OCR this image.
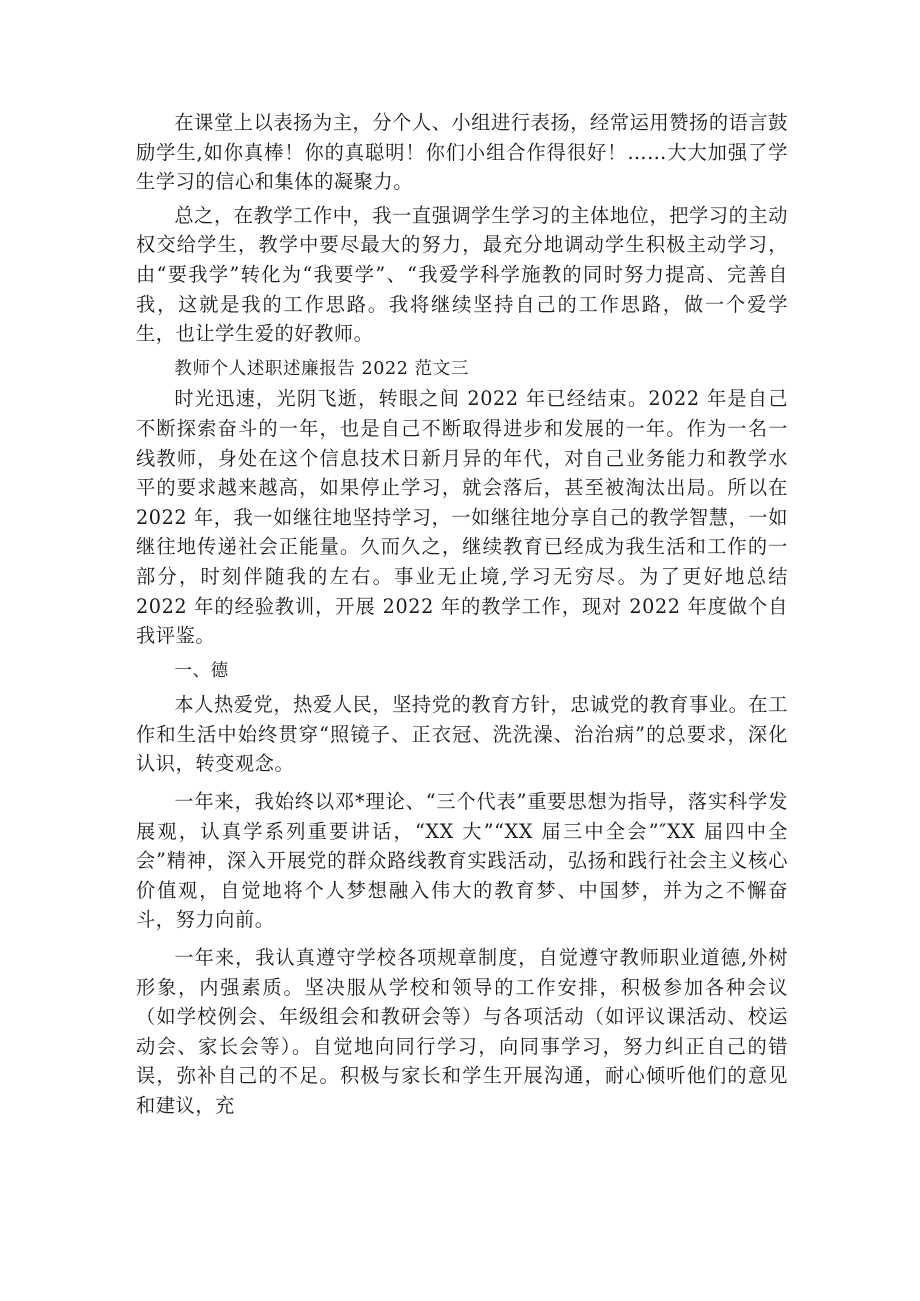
在课堂上以表扬为主，分个人、小组进行表扬，经常运用赞扬的语言鼓励学生,如你真棒！你的真聪明！你们小组合作得很好！……大大加强了学生学习的信心和集体的凝聚力。

总之，在教学工作中，我一直强调学生学习的主体地位，把学习的主动权交给学生，教学中要尽最大的努力，最充分地调动学生积极主动学习，由“要我学”转化为“我要学”、“我爱学科学施教的同时努力提高、完善自我，这就是我的工作思路。我将继续坚持自己的工作思路，做一个爱学生，也让学生爱的好教师。

教师个人述职述廉报告 2022 范文三

时光迅速，光阴飞逝，转眼之间 2022 年已经结束。2022 年是自己不断探索奋斗的一年，也是自己不断取得进步和发展的一年。作为一名一线教师，身处在这个信息技术日新月异的年代，对自己业务能力和教学水平的要求越来越高，如果停止学习，就会落后，甚至被淘汰出局。所以在 2022 年，我一如继往地坚持学习，一如继往地分享自己的教学智慧，一如继往地传递社会正能量。久而久之，继续教育已经成为我生活和工作的一部分，时刻伴随我的左右。事业无止境,学习无穷尽。为了更好地总结 2022 年的经验教训，开展 2022 年的教学工作，现对 2022 年度做个自我评鉴。

一、德

本人热爱党，热爱人民，坚持党的教育方针，忠诚党的教育事业。在工作和生活中始终贯穿“照镜子、正衣冠、洗洗澡、治治病”的总要求，深化认识，转变观念。

一年来，我始终以邓*理论、“三个代表”重要思想为指导，落实科学发展观，认真学系列重要讲话，“XX 大”“XX 届三中全会”″XX 届四中全会”精神，深入开展党的群众路线教育实践活动，弘扬和践行社会主义核心价值观，自觉地将个人梦想融入伟大的教育梦、中国梦，并为之不懈奋斗，努力向前。

一年来，我认真遵守学校各项规章制度，自觉遵守教师职业道德,外树形象，内强素质。坚决服从学校和领导的工作安排，积极参加各种会议（如学校例会、年级组会和教研会等）与各项活动（如评议课活动、校运动会、家长会等）。自觉地向同行学习，向同事学习，努力纠正自己的错误，弥补自己的不足。积极与家长和学生开展沟通，耐心倾听他们的意见和建议，充
